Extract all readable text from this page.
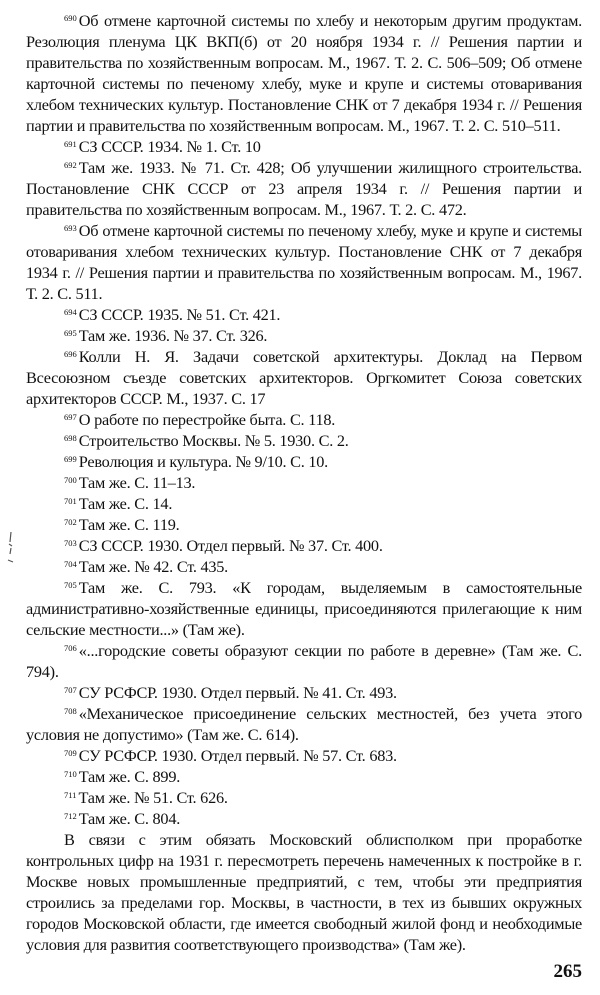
$^{690}$ Об отмене карточной системы по хлебу и некоторым другим продуктам. Резолюция пленума ЦК ВКП(б) от 20 ноября 1934 г. // Решения партии и правительства по хозяйственным вопросам. М., 1967. Т. 2. С. 506–509; Об отмене карточной системы по печеному хлебу, муке и крупе и системы отоваривания хлебом технических культур. Постановление СНК от 7 декабря 1934 г. // Решения партии и правительства по хозяйственным вопросам. М., 1967. Т. 2. С. 510–511.

$^{691}$ СЗ СССР. 1934. № 1. Ст. 10

$^{692}$ Там же. 1933. № 71. Ст. 428; Об улучшении жилищного строительства. Постановление СНК СССР от 23 апреля 1934 г. // Решения партии и правительства по хозяйственным вопросам. М., 1967. Т. 2. С. 472.

$^{693}$ Об отмене карточной системы по печеному хлебу, муке и крупе и системы отоваривания хлебом технических культур. Постановление СНК от 7 декабря 1934 г. // Решения партии и правительства по хозяйственным вопросам. М., 1967. Т. 2. С. 511.

$^{694}$ СЗ СССР. 1935. № 51. Ст. 421.

$^{695}$ Там же. 1936. № 37. Ст. 326.

$^{696}$ Колли Н. Я. Задачи советской архитектуры. Доклад на Первом Всесоюзном съезде советских архитекторов. Оргкомитет Союза советских архитекторов СССР. М., 1937. С. 17

$^{697}$ О работе по перестройке быта. С. 118.

$^{698}$ Строительство Москвы. № 5. 1930. С. 2.

$^{699}$ Революция и культура. № 9/10. С. 10.

$^{700}$ Там же. С. 11–13.

$^{701}$ Там же. С. 14.

$^{702}$ Там же. С. 119.

$^{703}$ СЗ СССР. 1930. Отдел первый. № 37. Ст. 400.

$^{704}$ Там же. № 42. Ст. 435.

$^{705}$ Там же. С. 793. «К городам, выделяемым в самостоятельные административно-хозяйственные единицы, присоединяются прилегающие к ним сельские местности...» (Там же).

$^{706}$ «...городские советы образуют секции по работе в деревне» (Там же. С. 794).

$^{707}$ СУ РСФСР. 1930. Отдел первый. № 41. Ст. 493.

$^{708}$ «Механическое присоединение сельских местностей, без учета этого условия не допустимо» (Там же. С. 614).

$^{709}$ СУ РСФСР. 1930. Отдел первый. № 57. Ст. 683.

$^{710}$ Там же. С. 899.

$^{711}$ Там же. № 51. Ст. 626.

$^{712}$ Там же. С. 804.

В связи с этим обязать Московский облисполком при проработке контрольных цифр на 1931 г. пересмотреть перечень намеченных к постройке в г. Москве новых промышленные предприятий, с тем, чтобы эти предприятия строились за пределами гор. Москвы, в частности, в тех из бывших окружных городов Московской области, где имеется свободный жилой фонд и необходимые условия для развития соответствующего производства» (Там же).

265
